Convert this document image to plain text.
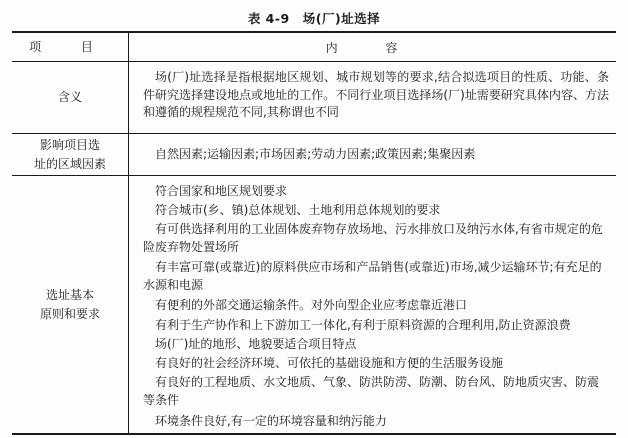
表 4-9　场(厂)址选择
项 目	内 容
含义
场(厂)址选择是指根据地区规划、城市规划等的要求,结合拟选项目的性质、功能、条件研究选择建设地点或地址的工作。不同行业项目选择场(厂)址需要研究具体内容、方法和遵循的规程规范不同,其称谓也不同
影响项目选
址的区域因素
自然因素;运输因素;市场因素;劳动力因素;政策因素;集聚因素
选址基本
原则和要求
符合国家和地区规划要求
符合城市(乡、镇)总体规划、土地利用总体规划的要求
有可供选择利用的工业固体废弃物存放场地、污水排放口及纳污水体,有省市规定的危险废弃物处置场所
有丰富可靠(或靠近)的原料供应市场和产品销售(或靠近)市场,减少运输环节;有充足的水源和电源
有便利的外部交通运输条件。对外向型企业应考虑靠近港口
有利于生产协作和上下游加工一体化,有利于原料资源的合理利用,防止资源浪费
场(厂)址的地形、地貌要适合项目特点
有良好的社会经济环境、可依托的基础设施和方便的生活服务设施
有良好的工程地质、水文地质、气象、防洪防涝、防潮、防台风、防地质灾害、防震等条件
环境条件良好,有一定的环境容量和纳污能力
